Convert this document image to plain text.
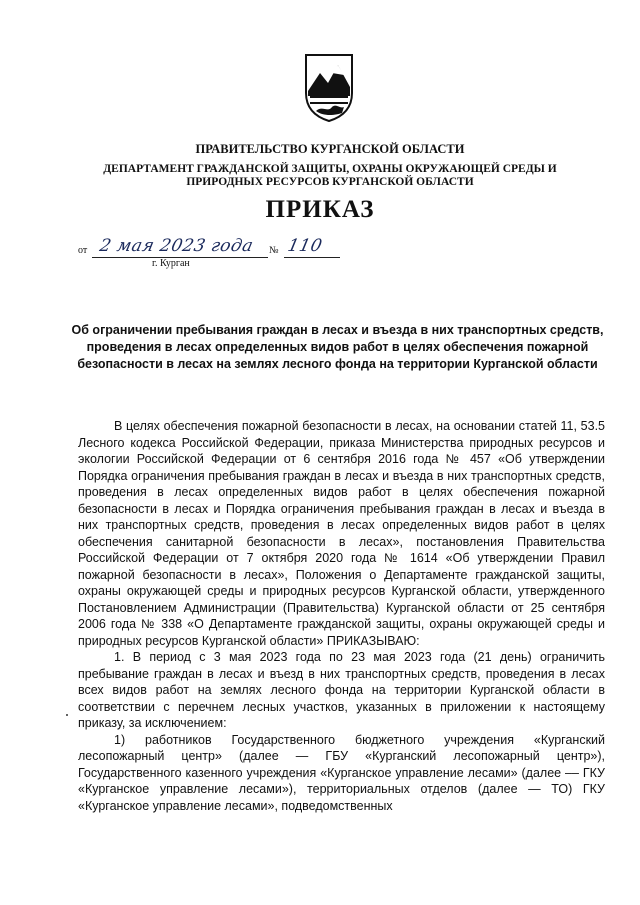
ПРАВИТЕЛЬСТВО КУРГАНСКОЙ ОБЛАСТИ
ДЕПАРТАМЕНТ ГРАЖДАНСКОЙ ЗАЩИТЫ, ОХРАНЫ ОКРУЖАЮЩЕЙ СРЕДЫ И
ПРИРОДНЫХ РЕСУРСОВ КУРГАНСКОЙ ОБЛАСТИ
ПРИКАЗ
от 2 мая 2023 года № 110
г. Курган
Об ограничении пребывания граждан в лесах и въезда в них транспортных средств, проведения в лесах определенных видов работ в целях обеспечения пожарной безопасности в лесах на землях лесного фонда на территории Курганской области

В целях обеспечения пожарной безопасности в лесах, на основании статей 11, 53.5 Лесного кодекса Российской Федерации, приказа Министерства природных ресурсов и экологии Российской Федерации от 6 сентября 2016 года № 457 «Об утверждении Порядка ограничения пребывания граждан в лесах и въезда в них транспортных средств, проведения в лесах определенных видов работ в целях обеспечения пожарной безопасности в лесах и Порядка ограничения пребывания граждан в лесах и въезда в них транспортных средств, проведения в лесах определенных видов работ в целях обеспечения санитарной безопасности в лесах», постановления Правительства Российской Федерации от 7 октября 2020 года № 1614 «Об утверждении Правил пожарной безопасности в лесах», Положения о Департаменте гражданской защиты, охраны окружающей среды и природных ресурсов Курганской области, утвержденного Постановлением Администрации (Правительства) Курганской области от 25 сентября 2006 года № 338 «О Департаменте гражданской защиты, охраны окружающей среды и природных ресурсов Курганской области» ПРИКАЗЫВАЮ:

1. В период с 3 мая 2023 года по 23 мая 2023 года (21 день) ограничить пребывание граждан в лесах и въезд в них транспортных средств, проведения в лесах всех видов работ на землях лесного фонда на территории Курганской области в соответствии с перечнем лесных участков, указанных в приложении к настоящему приказу, за исключением:

1) работников Государственного бюджетного учреждения «Курганский лесопожарный центр» (далее — ГБУ «Курганский лесопожарный центр»), Государственного казенного учреждения «Курганское управление лесами» (далее –– ГКУ «Курганское управление лесами»), территориальных отделов (далее — ТО) ГКУ «Курганское управление лесами», подведомственных
